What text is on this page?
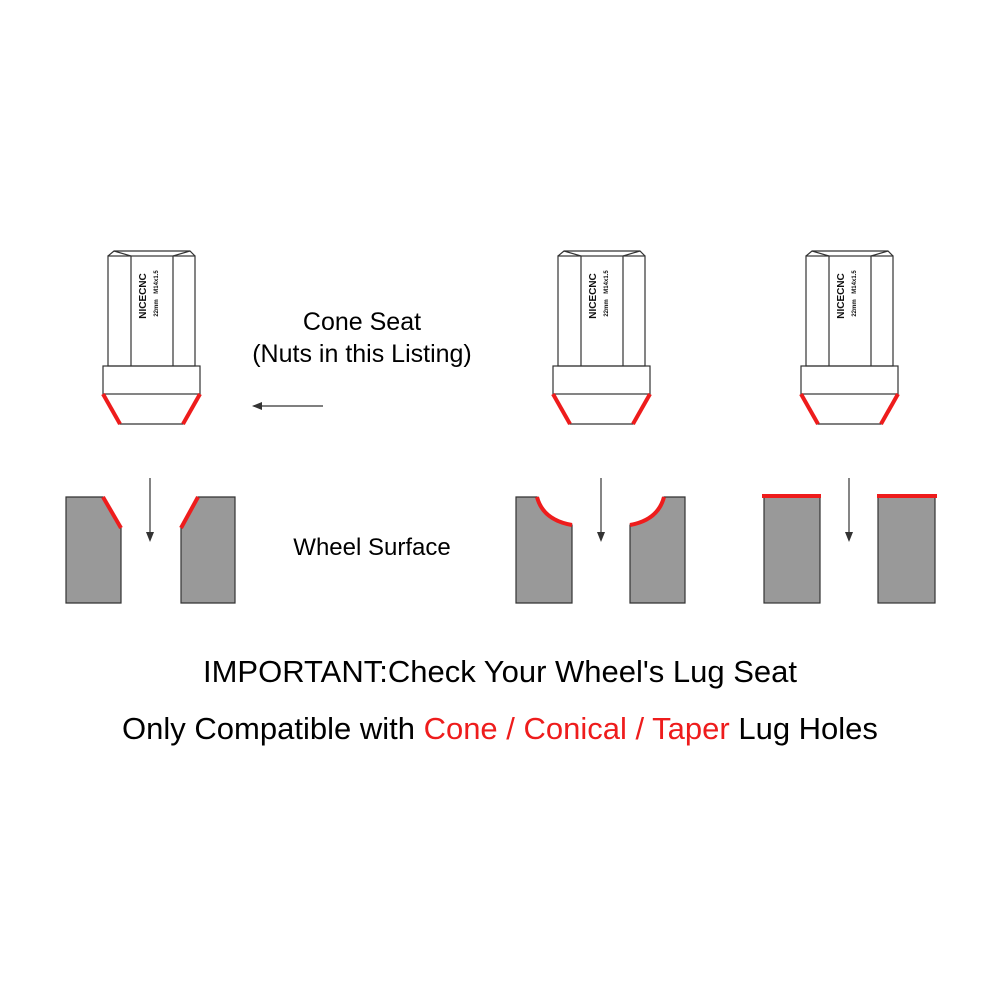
NICECNC 22mm
M14x1.5	NICECNC 22mm
M14x1.5	NICECNC 22mm
M14x1.5
Cone Seat
(Nuts in this Listing)
Wheel Surface
IMPORTANT:Check Your Wheel's Lug Seat
Only Compatible with Cone / Conical / Taper Lug Holes
